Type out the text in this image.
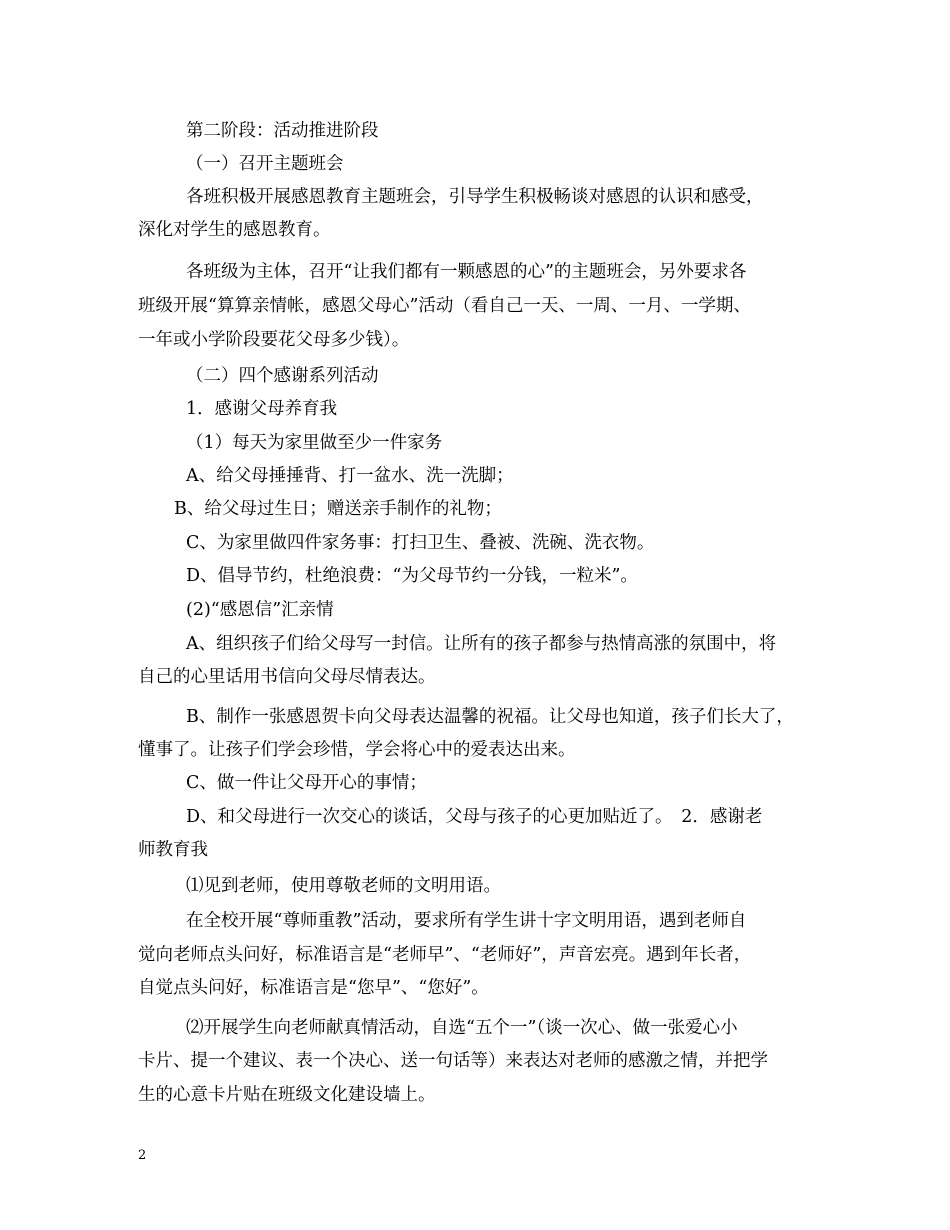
第二阶段：活动推进阶段
（一）召开主题班会
各班积极开展感恩教育主题班会，引导学生积极畅谈对感恩的认识和感受，
深化对学生的感恩教育。
各班级为主体，召开“让我们都有一颗感恩的心”的主题班会，另外要求各
班级开展“算算亲情帐，感恩父母心”活动（看自己一天、一周、一月、一学期、
一年或小学阶段要花父母多少钱）。
（二）四个感谢系列活动
1．感谢父母养育我
（1）每天为家里做至少一件家务
A、给父母捶捶背、打一盆水、洗一洗脚；
B、给父母过生日；赠送亲手制作的礼物；
C、为家里做四件家务事：打扫卫生、叠被、洗碗、洗衣物。
D、倡导节约，杜绝浪费：“为父母节约一分钱，一粒米”。
(2)“感恩信”汇亲情
A、组织孩子们给父母写一封信。让所有的孩子都参与热情高涨的氛围中，将
自己的心里话用书信向父母尽情表达。
B、制作一张感恩贺卡向父母表达温馨的祝福。让父母也知道，孩子们长大了，
懂事了。让孩子们学会珍惜，学会将心中的爱表达出来。
C、做一件让父母开心的事情；
D、和父母进行一次交心的谈话，父母与孩子的心更加贴近了。　2．感谢老
师教育我
⑴见到老师，使用尊敬老师的文明用语。
在全校开展“尊师重教”活动，要求所有学生讲十字文明用语，遇到老师自
觉向老师点头问好，标准语言是“老师早”、“老师好”，声音宏亮。遇到年长者，
自觉点头问好，标准语言是“您早”、“您好”。
⑵开展学生向老师献真情活动，自选“五个一”（谈一次心、做一张爱心小
卡片、提一个建议、表一个决心、送一句话等）来表达对老师的感激之情，并把学
生的心意卡片贴在班级文化建设墙上。
2
